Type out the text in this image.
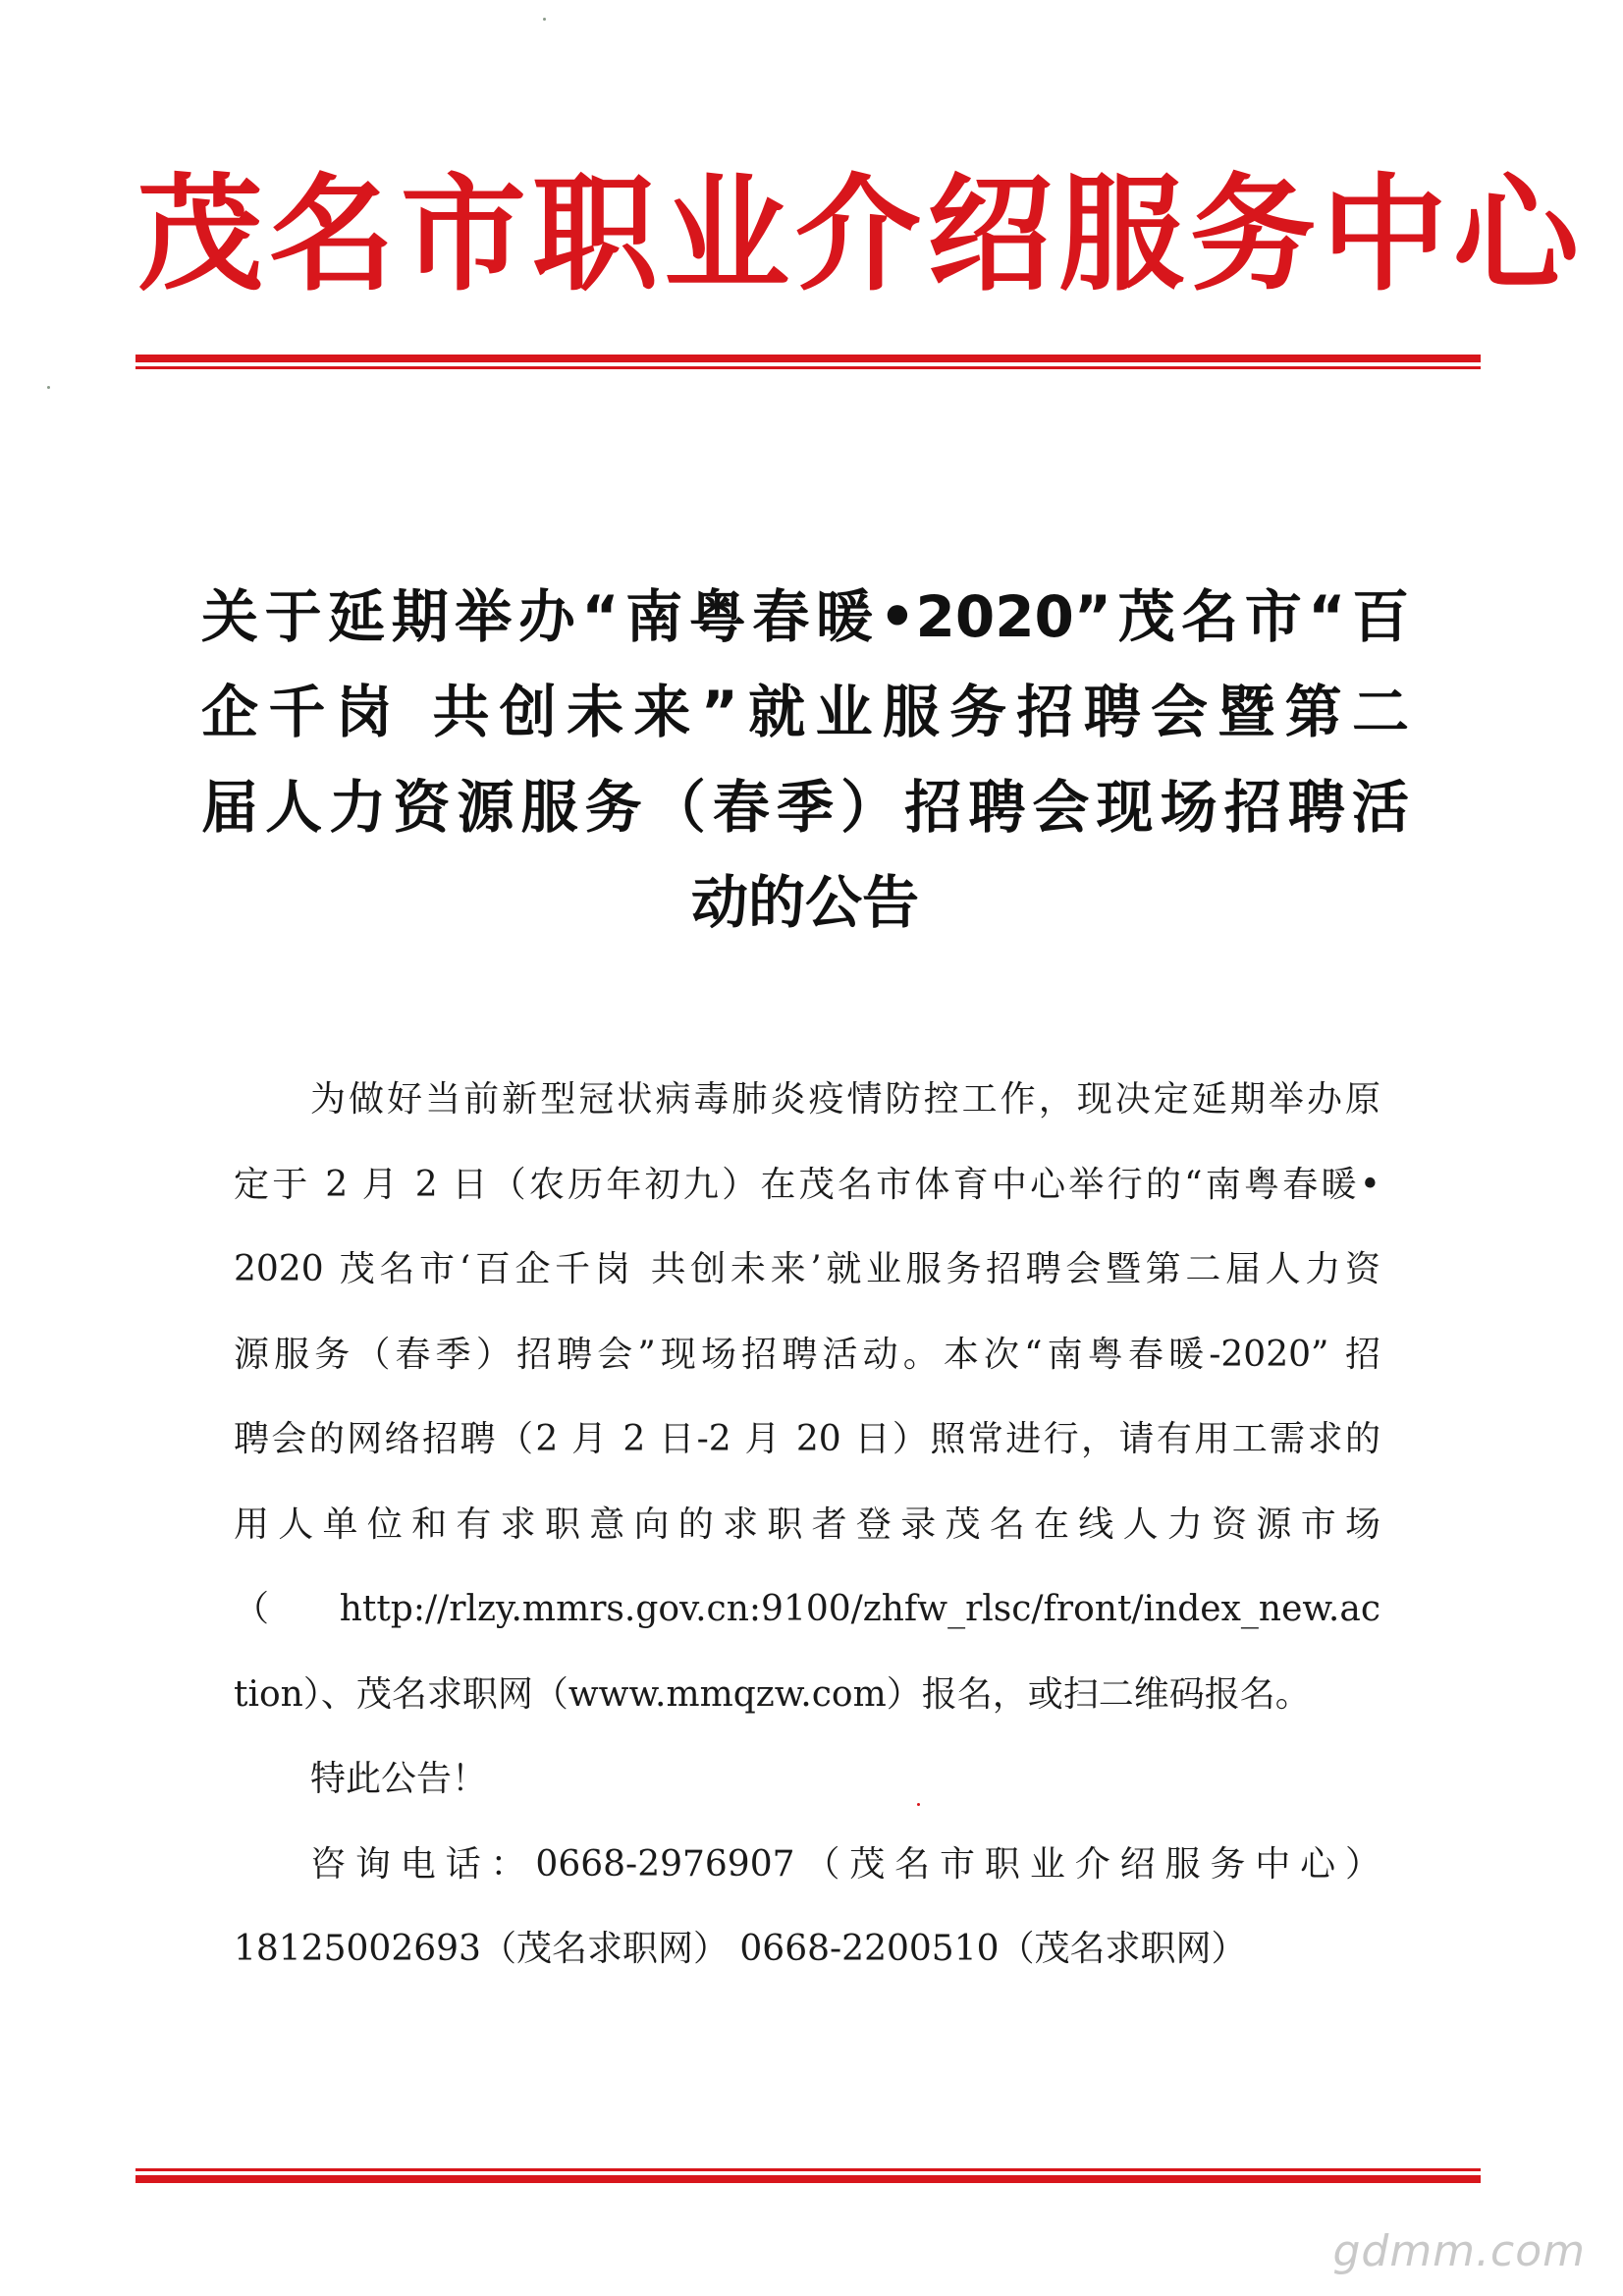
茂名市职业介绍服务中心
关于延期举办“南粤春暖•2020”茂名市“百
企千岗 共创未来”就业服务招聘会暨第二
届人力资源服务（春季）招聘会现场招聘活
动的公告
为做好当前新型冠状病毒肺炎疫情防控工作，现决定延期举办原
定于 2 月 2 日（农历年初九）在茂名市体育中心举行的“南粤春暖•
2020 茂名市‘百企千岗 共创未来’就业服务招聘会暨第二届人力资
源服务（春季）招聘会”现场招聘活动。本次“南粤春暖-2020” 招
聘会的网络招聘（2 月 2 日-2 月 20 日）照常进行，请有用工需求的
用人单位和有求职意向的求职者登录茂名在线人力资源市场
（http://rlzy.mmrs.gov.cn:9100/zhfw_rlsc/front/index_new.ac
tion）、茂名求职网（www.mmqzw.com）报名，或扫二维码报名。
特此公告！
咨询电话：0668-2976907（茂名市职业介绍服务中心）
18125002693（茂名求职网） 0668-2200510（茂名求职网）
gdmm.com
